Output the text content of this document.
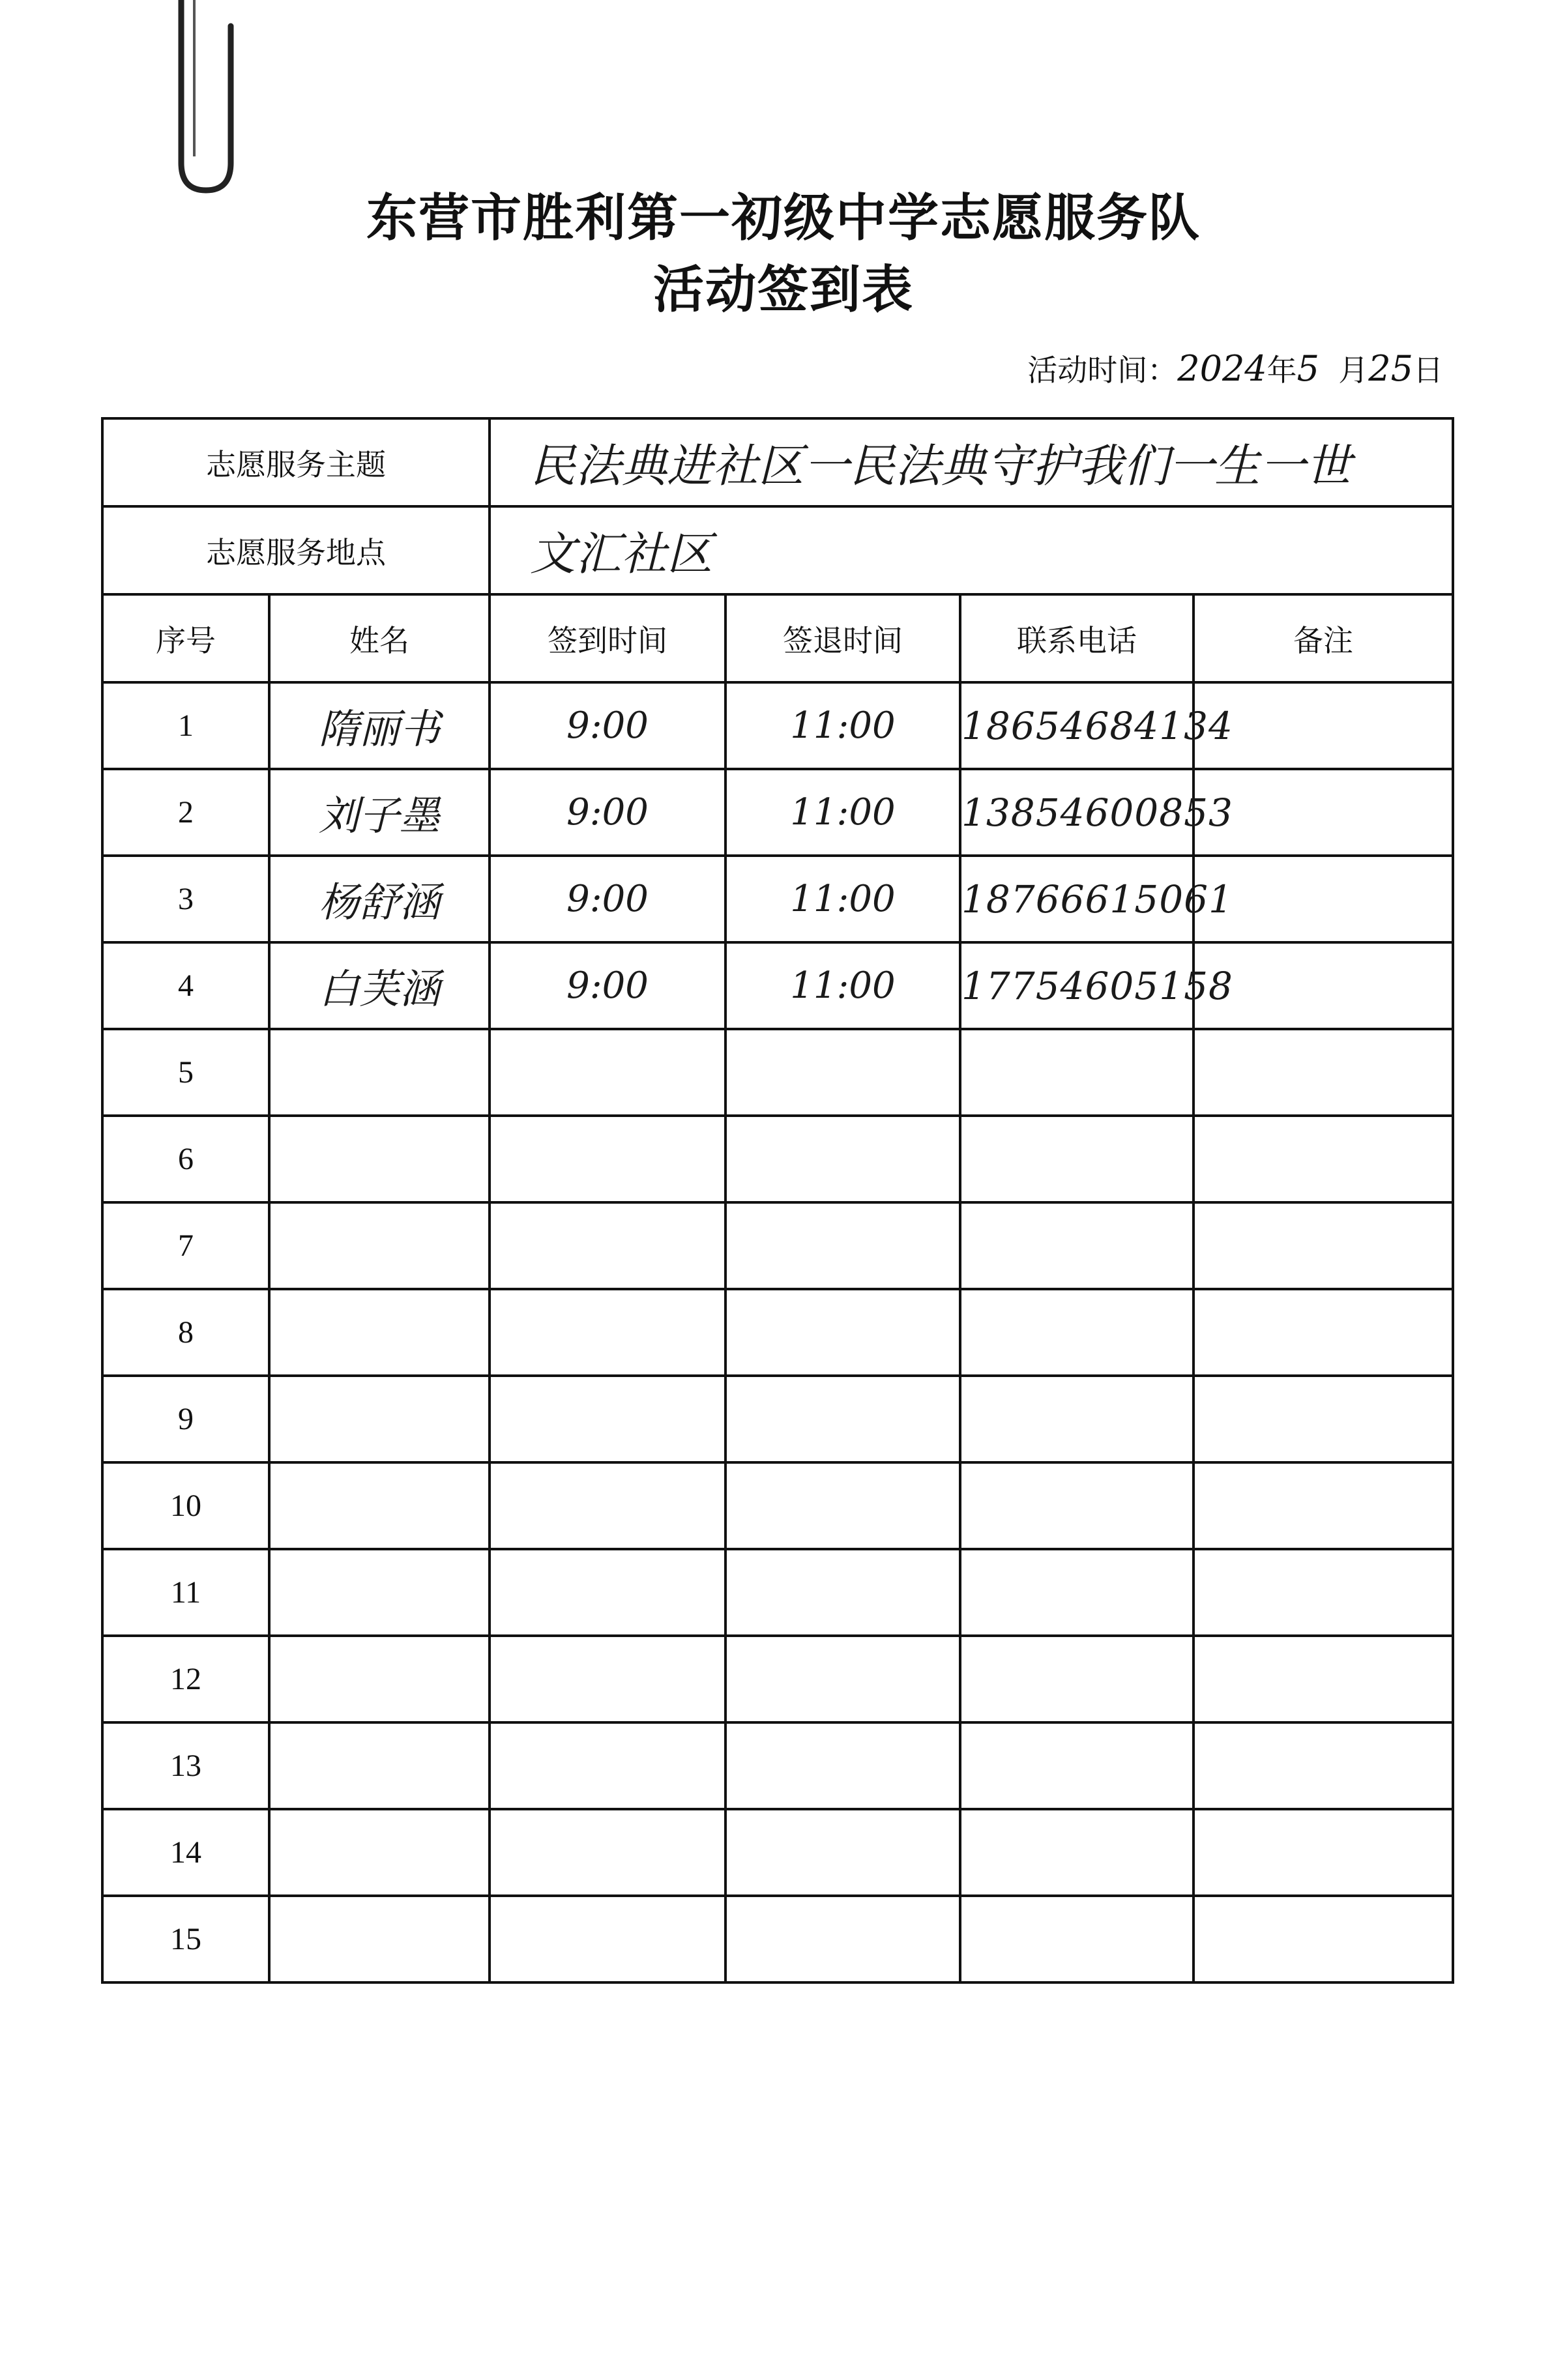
东营市胜利第一初级中学志愿服务队
活动签到表
活动时间：2024年5 月25日
志愿服务主题		民法典进社区一民法典守护我们一生一世			
志愿服务地点		文汇社区			
序号	姓名	签到时间	签退时间	联系电话	备注
1	隋丽书	9:00	11:00	18654684134	
2	刘子墨	9:00	11:00	13854600853	
3	杨舒涵	9:00	11:00	18766615061	
4	白芙涵	9:00	11:00	17754605158	
5					
6					
7					
8					
9					
10					
11					
12					
13					
14					
15					
